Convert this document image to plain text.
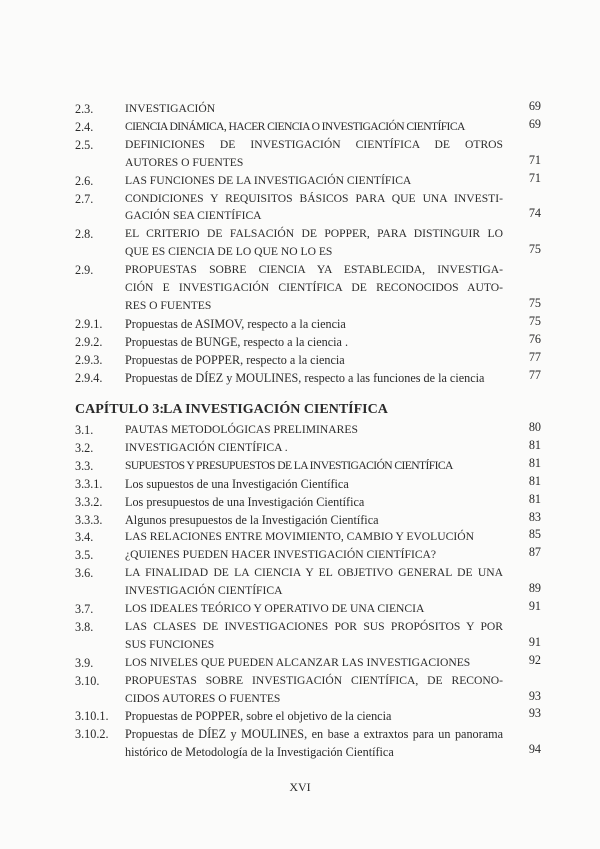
2.3.	INVESTIGACIÓN	69
2.4.	CIENCIA DINÁMICA, HACER CIENCIA O INVESTIGACIÓN CIENTÍFICA	69
2.5.	DEFINICIONES DE INVESTIGACIÓN CIENTÍFICA DE OTROS
AUTORES O FUENTES	71
2.6.	LAS FUNCIONES DE LA INVESTIGACIÓN CIENTÍFICA	71
2.7.	CONDICIONES Y REQUISITOS BÁSICOS PARA QUE UNA INVESTI-
GACIÓN SEA CIENTÍFICA	74
2.8.	EL CRITERIO DE FALSACIÓN DE POPPER, PARA DISTINGUIR LO
QUE ES CIENCIA DE LO QUE NO LO ES	75
2.9.	PROPUESTAS SOBRE CIENCIA YA ESTABLECIDA, INVESTIGA-
CIÓN E INVESTIGACIÓN CIENTÍFICA DE RECONOCIDOS AUTO-
RES O FUENTES	75
2.9.1. Propuestas de ASIMOV, respecto a la ciencia	75
2.9.2. Propuestas de BUNGE, respecto a la ciencia .	76
2.9.3. Propuestas de POPPER, respecto a la ciencia	77
2.9.4. Propuestas de DÍEZ y MOULINES, respecto a las funciones de la ciencia	77
3.1.	PAUTAS METODOLÓGICAS PRELIMINARES	80
3.2.	INVESTIGACIÓN CIENTÍFICA .	81
3.3.	SUPUESTOS Y PRESUPUESTOS DE LA INVESTIGACIÓN CIENTÍFICA	81
3.3.1. Los supuestos de una Investigación Científica	81
3.3.2. Los presupuestos de una Investigación Científica	81
3.3.3. Algunos presupuestos de la Investigación Científica	83
3.4.	LAS RELACIONES ENTRE MOVIMIENTO, CAMBIO Y EVOLUCIÓN	85
3.5.	¿QUIENES PUEDEN HACER INVESTIGACIÓN CIENTÍFICA?	87
3.6.	LA FINALIDAD DE LA CIENCIA Y EL OBJETIVO GENERAL DE UNA
INVESTIGACIÓN CIENTÍFICA	89
3.7.	LOS IDEALES TEÓRICO Y OPERATIVO DE UNA CIENCIA	91
3.8.	LAS CLASES DE INVESTIGACIONES POR SUS PROPÓSITOS Y POR
SUS FUNCIONES	91
3.9.	LOS NIVELES QUE PUEDEN ALCANZAR LAS INVESTIGACIONES	92
3.10. PROPUESTAS SOBRE INVESTIGACIÓN CIENTÍFICA, DE RECONO-
CIDOS AUTORES O FUENTES	93
3.10.1. Propuestas de POPPER, sobre el objetivo de la ciencia	93
3.10.2. Propuestas de DÍEZ y MOULINES, en base a extraxtos para un panorama
histórico de Metodología de la Investigación Científica	94
CAPÍTULO 3:LA INVESTIGACIÓN CIENTÍFICA
XVI
